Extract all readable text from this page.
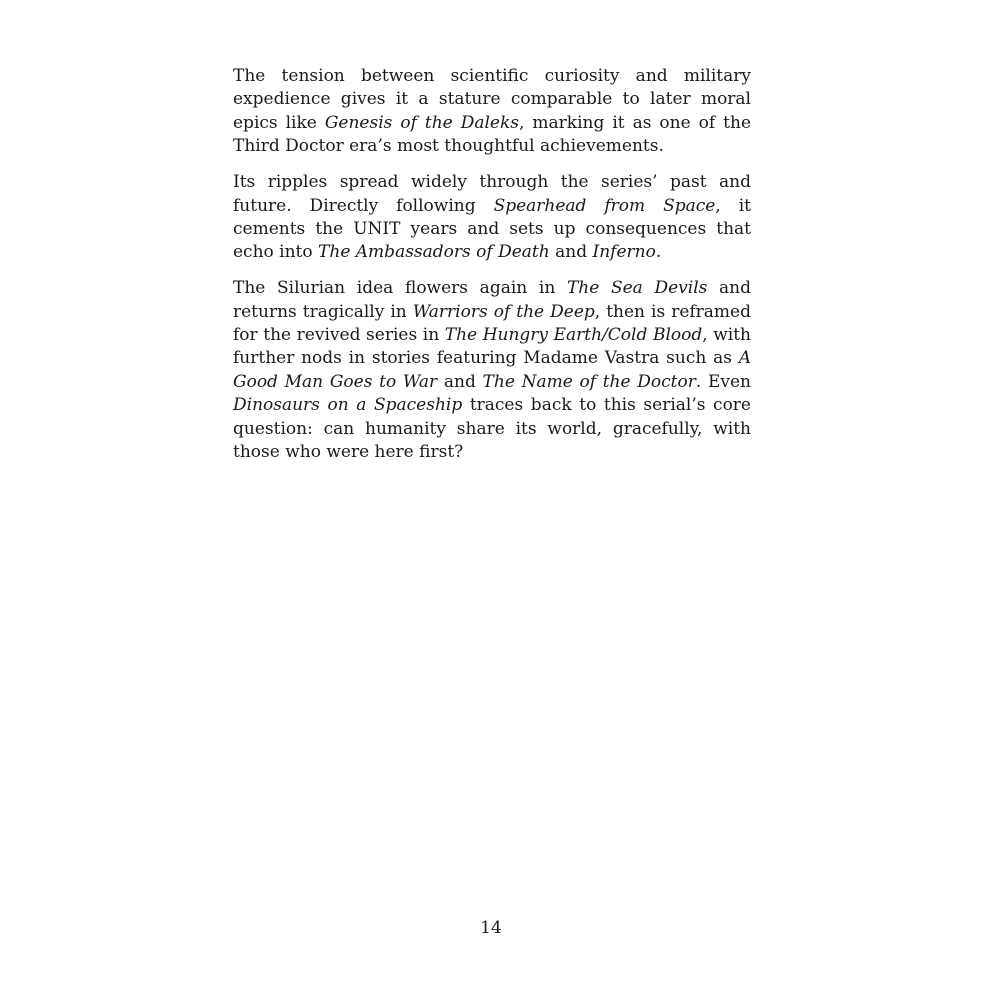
The tension between scientific curiosity and military expedience gives it a stature comparable to later moral epics like Genesis of the Daleks, marking it as one of the Third Doctor era’s most thoughtful achievements.

Its ripples spread widely through the series’ past and future. Directly following Spearhead from Space, it cements the UNIT years and sets up consequences that echo into The Ambassadors of Death and Inferno.

The Silurian idea flowers again in The Sea Devils and returns tragically in Warriors of the Deep, then is reframed for the revived series in The Hungry Earth/Cold Blood, with further nods in stories featuring Madame Vastra such as A Good Man Goes to War and The Name of the Doctor. Even Dinosaurs on a Spaceship traces back to this serial’s core question: can humanity share its world, gracefully, with those who were here first?

14
